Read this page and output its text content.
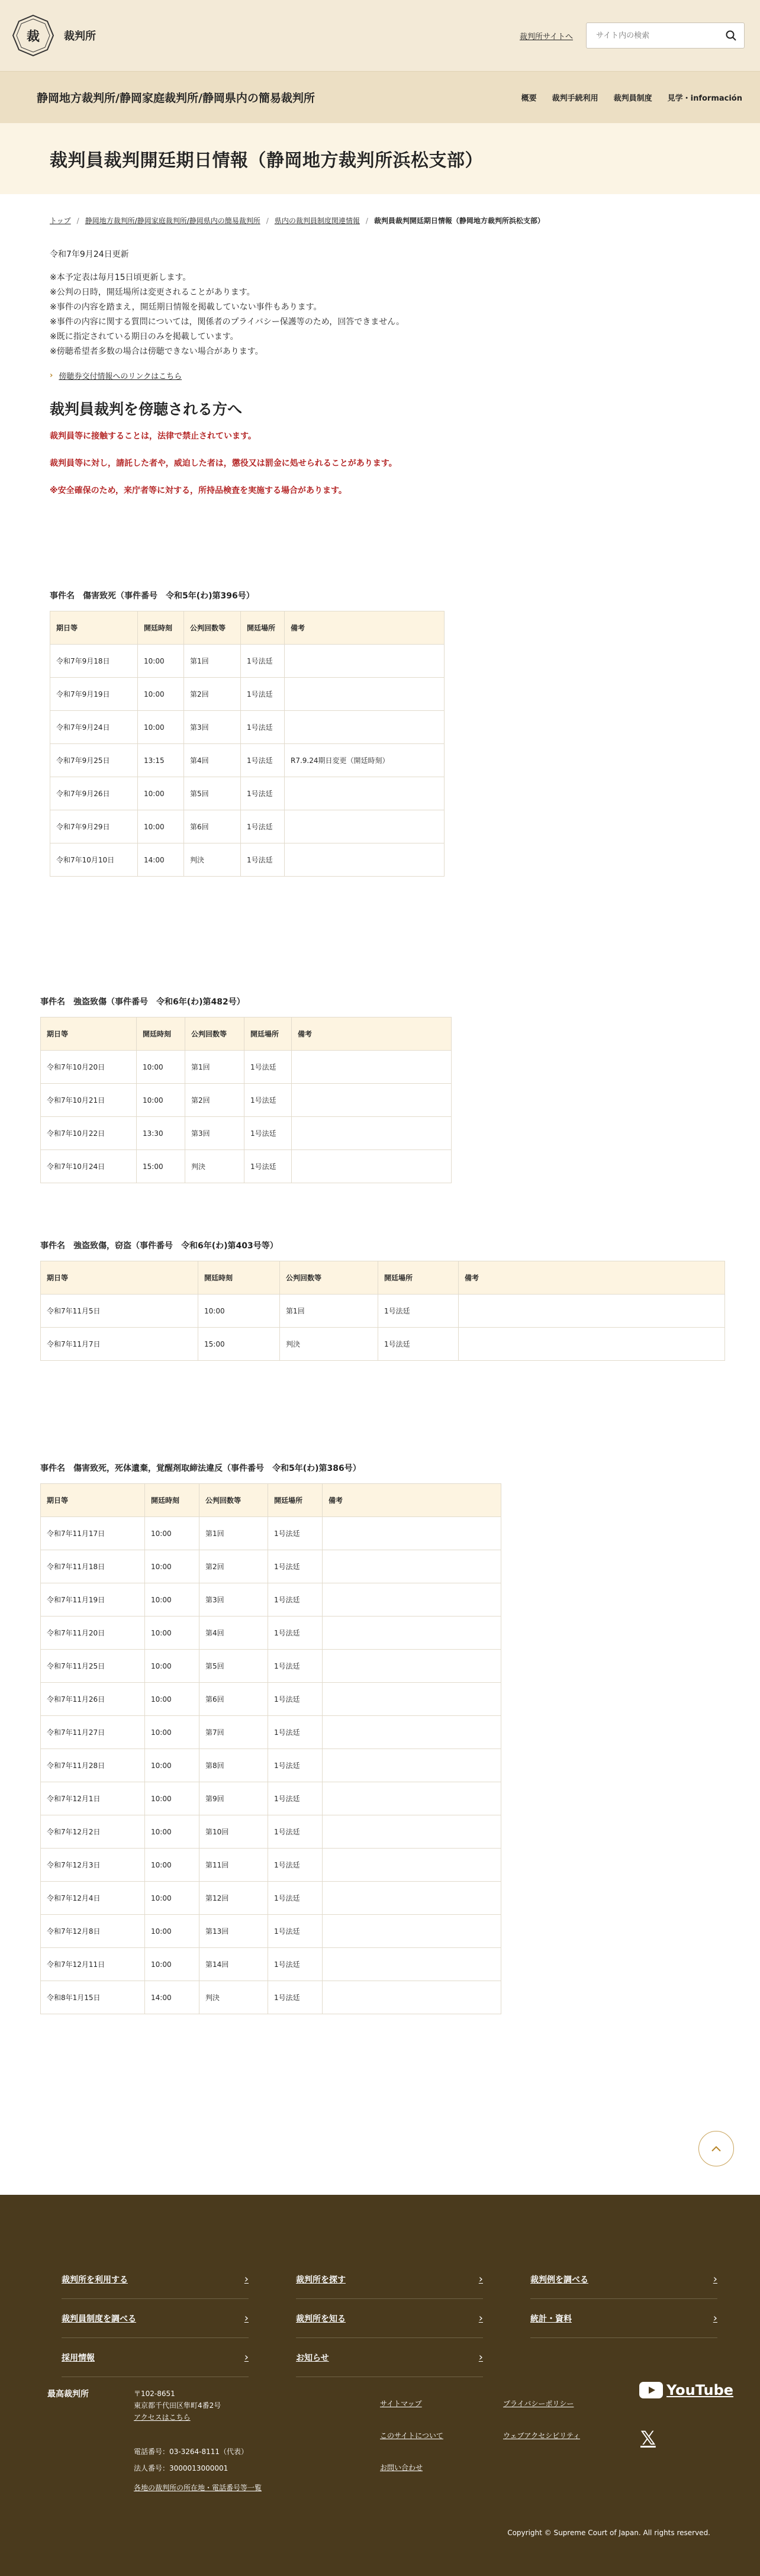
裁 裁判所	裁判所サイトへ
サイト内の検索
静岡地方裁判所/静岡家庭裁判所/静岡県内の簡易裁判所	概要 裁判手続利用 裁判員制度 見学・información
裁判員裁判開廷期日情報（静岡地方裁判所浜松支部）
トップ / 静岡地方裁判所/静岡家庭裁判所/静岡県内の簡易裁判所 / 県内の裁判員制度関連情報 / 裁判員裁判開廷期日情報（静岡地方裁判所浜松支部）

令和7年9月24日更新

※本予定表は毎月15日頃更新します。

※公判の日時，開廷場所は変更されることがあります。

※事件の内容を踏まえ，開廷期日情報を掲載していない事件もあります。

※事件の内容に関する質問については，関係者のプライバシー保護等のため，回答できません。

※既に指定されている期日のみを掲載しています。

※傍聴希望者多数の場合は傍聴できない場合があります。

› 傍聴券交付情報へのリンクはこちら
裁判員裁判を傍聴される方へ

裁判員等に接触することは，法律で禁止されています。

裁判員等に対し，請託した者や，威迫した者は，懲役又は罰金に処せられることがあります。

※安全確保のため，来庁者等に対する，所持品検査を実施する場合があります。

事件名　傷害致死（事件番号　令和5年(わ)第396号）

期日等	開廷時刻	公判回数等	開廷場所	備考
令和7年9月18日	10:00	第1回	1号法廷	
令和7年9月19日	10:00	第2回	1号法廷	
令和7年9月24日	10:00	第3回	1号法廷	
令和7年9月25日	13:15	第4回	1号法廷	R7.9.24期日変更（開廷時刻）
令和7年9月26日	10:00	第5回	1号法廷	
令和7年9月29日	10:00	第6回	1号法廷	
令和7年10月10日	14:00	判決	1号法廷	

事件名　強盗致傷（事件番号　令和6年(わ)第482号）

期日等	開廷時刻	公判回数等	開廷場所	備考
令和7年10月20日	10:00	第1回	1号法廷	
令和7年10月21日	10:00	第2回	1号法廷	
令和7年10月22日	13:30	第3回	1号法廷	
令和7年10月24日	15:00	判決	1号法廷	

事件名　強盗致傷，窃盗（事件番号　令和6年(わ)第403号等）

期日等	開廷時刻	公判回数等	開廷場所	備考
令和7年11月5日	10:00	第1回	1号法廷	
令和7年11月7日	15:00	判決	1号法廷	

事件名　傷害致死，死体遺棄，覚醒剤取締法違反（事件番号　令和5年(わ)第386号）

期日等	開廷時刻	公判回数等	開廷場所	備考
令和7年11月17日	10:00	第1回	1号法廷	
令和7年11月18日	10:00	第2回	1号法廷	
令和7年11月19日	10:00	第3回	1号法廷	
令和7年11月20日	10:00	第4回	1号法廷	
令和7年11月25日	10:00	第5回	1号法廷	
令和7年11月26日	10:00	第6回	1号法廷	
令和7年11月27日	10:00	第7回	1号法廷	
令和7年11月28日	10:00	第8回	1号法廷	
令和7年12月1日	10:00	第9回	1号法廷	
令和7年12月2日	10:00	第10回	1号法廷	
令和7年12月3日	10:00	第11回	1号法廷	
令和7年12月4日	10:00	第12回	1号法廷	
令和7年12月8日	10:00	第13回	1号法廷	
令和7年12月11日	10:00	第14回	1号法廷	
令和8年1月15日	14:00	判決	1号法廷	
裁判所を利用する	›	裁判所を探す	›	裁判例を調べる	›
裁判員制度を調べる	›	裁判所を知る	›	統計・資料	›
採用情報	›	お知らせ	›
最高裁判所	〒102-8651

東京都千代田区隼町4番2号

アクセスはこちら

電話番号：03-3264-8111（代表）

法人番号：3000013000001

各地の裁判所の所在地・電話番号等一覧
サイトマップ
このサイトについて
お問い合わせ
プライバシーポリシー
ウェブアクセシビリティ
YouTube
𝕏

Copyright © Supreme Court of Japan. All rights reserved.
